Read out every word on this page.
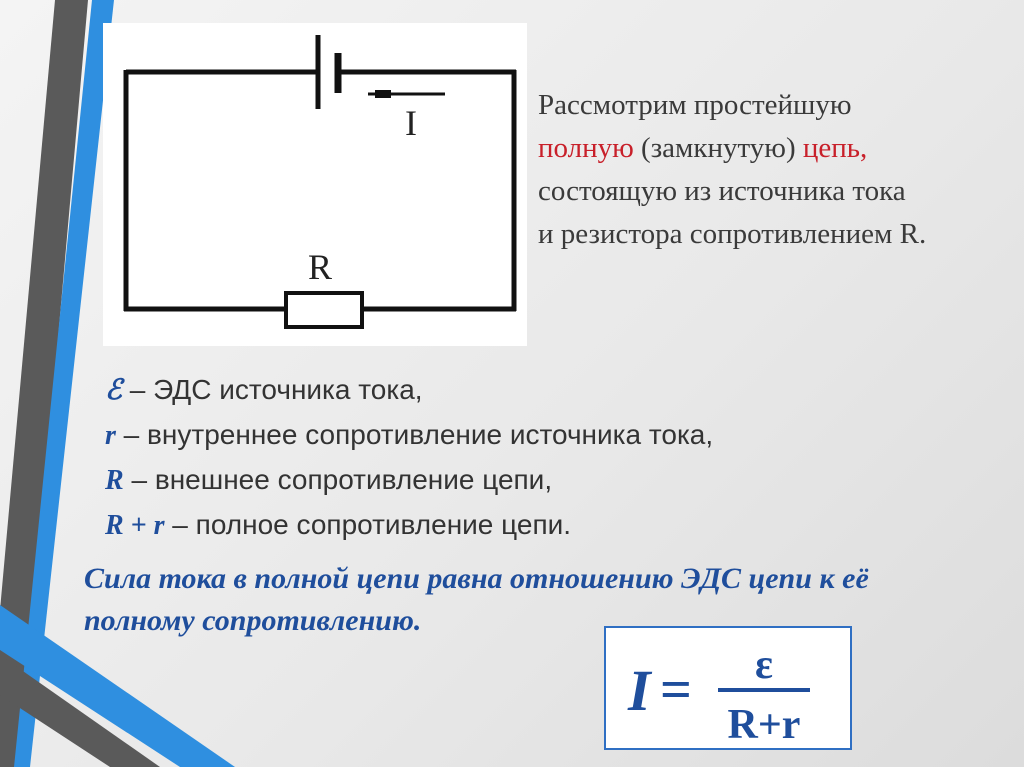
I
R
Рассмотрим простейшую
полную (замкнутую) цепь,
состоящую из источника тока
и резистора сопротивлением R.
ℰ – ЭДС источника тока,
r – внутреннее сопротивление источника тока,
R – внешнее сопротивление цепи,
R + r – полное сопротивление цепи.
Сила тока в полной цепи равна отношению ЭДС цепи к её
полному сопротивлению.
I = ε
R+r
